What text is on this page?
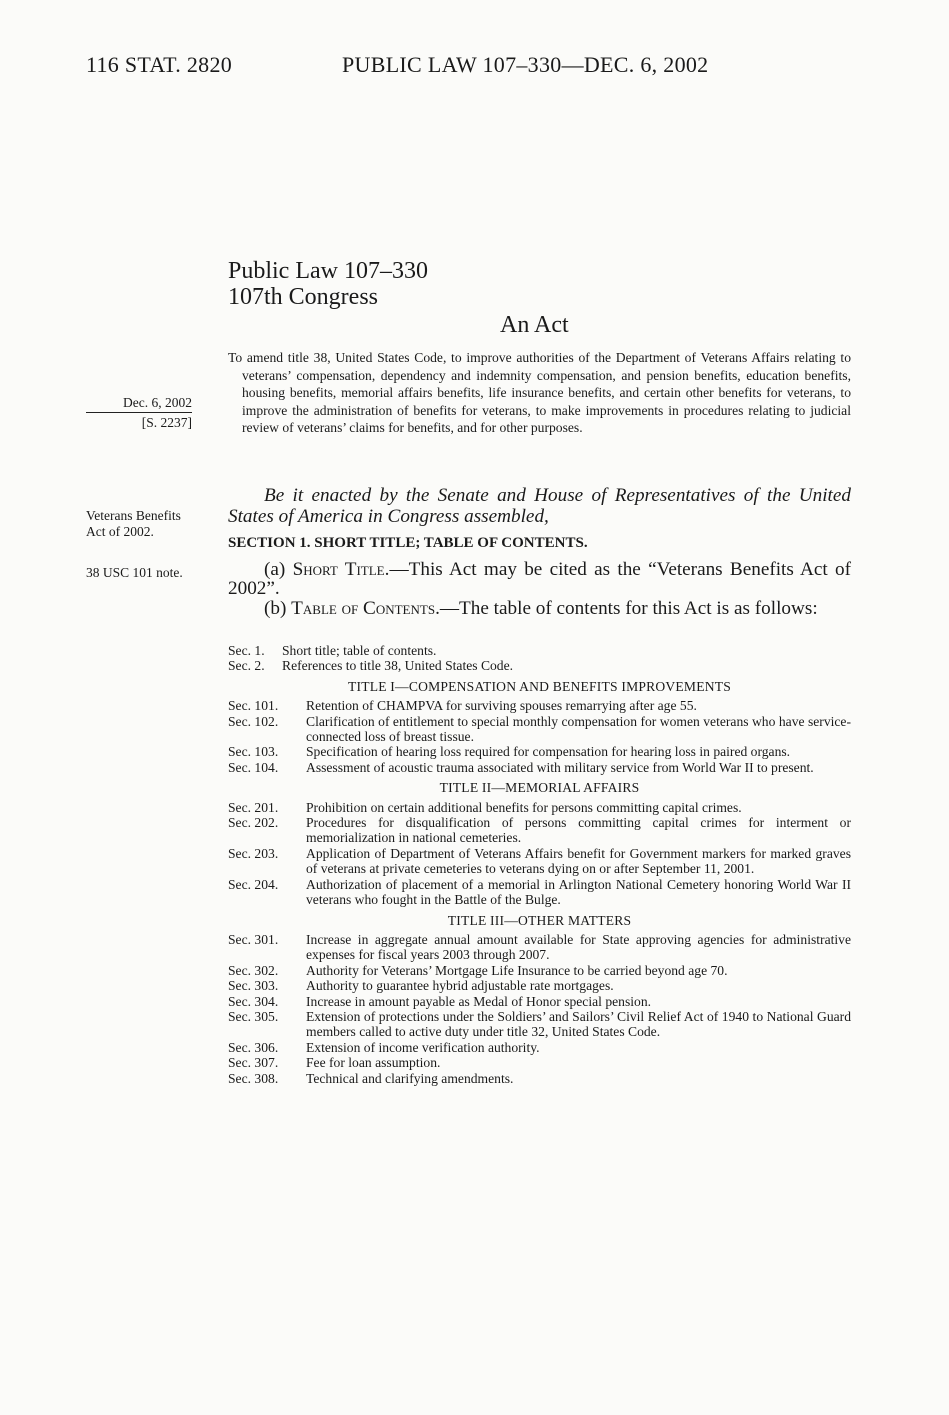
116 STAT. 2820	PUBLIC LAW 107–330—DEC. 6, 2002
Public Law 107–330
107th Congress
An Act
To amend title 38, United States Code, to improve authorities of the Department of Veterans Affairs relating to veterans’ compensation, dependency and indemnity compensation, and pension benefits, education benefits, housing benefits, memorial affairs benefits, life insurance benefits, and certain other benefits for veterans, to improve the administration of benefits for veterans, to make improvements in procedures relating to judicial review of veterans’ claims for benefits, and for other purposes.
Dec. 6, 2002
[S. 2237]
Veterans Benefits Act of 2002.
38 USC 101 note.
Be it enacted by the Senate and House of Representatives of the United States of America in Congress assembled,
SECTION 1. SHORT TITLE; TABLE OF CONTENTS.
(a) Short Title.—This Act may be cited as the “Veterans Benefits Act of 2002”.
(b) Table of Contents.—The table of contents for this Act is as follows:
Sec. 1.	Short title; table of contents.
Sec. 2.	References to title 38, United States Code.
TITLE I—COMPENSATION AND BENEFITS IMPROVEMENTS
Sec. 101.	Retention of CHAMPVA for surviving spouses remarrying after age 55.
Sec. 102.	Clarification of entitlement to special monthly compensation for women veterans who have service-connected loss of breast tissue.
Sec. 103.	Specification of hearing loss required for compensation for hearing loss in paired organs.
Sec. 104.	Assessment of acoustic trauma associated with military service from World War II to present.
TITLE II—MEMORIAL AFFAIRS
Sec. 201.	Prohibition on certain additional benefits for persons committing capital crimes.
Sec. 202.	Procedures for disqualification of persons committing capital crimes for interment or memorialization in national cemeteries.
Sec. 203.	Application of Department of Veterans Affairs benefit for Government markers for marked graves of veterans at private cemeteries to veterans dying on or after September 11, 2001.
Sec. 204.	Authorization of placement of a memorial in Arlington National Cemetery honoring World War II veterans who fought in the Battle of the Bulge.
TITLE III—OTHER MATTERS
Sec. 301.	Increase in aggregate annual amount available for State approving agencies for administrative expenses for fiscal years 2003 through 2007.
Sec. 302.	Authority for Veterans’ Mortgage Life Insurance to be carried beyond age 70.
Sec. 303.	Authority to guarantee hybrid adjustable rate mortgages.
Sec. 304.	Increase in amount payable as Medal of Honor special pension.
Sec. 305.	Extension of protections under the Soldiers’ and Sailors’ Civil Relief Act of 1940 to National Guard members called to active duty under title 32, United States Code.
Sec. 306.	Extension of income verification authority.
Sec. 307.	Fee for loan assumption.
Sec. 308.	Technical and clarifying amendments.
